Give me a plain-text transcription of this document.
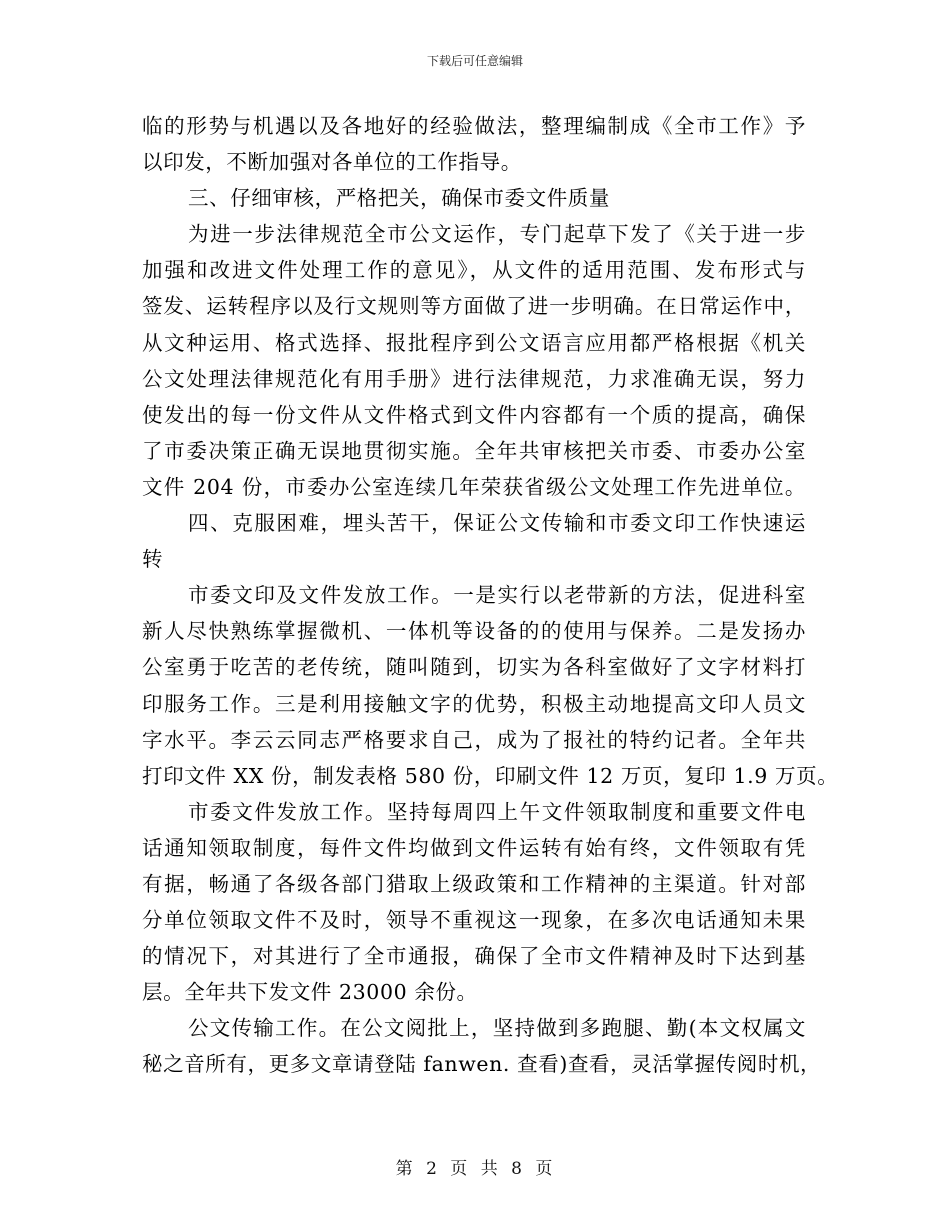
下载后可任意编辑
临的形势与机遇以及各地好的经验做法，整理编制成《全市工作》予
以印发，不断加强对各单位的工作指导。
三、仔细审核，严格把关，确保市委文件质量
为进一步法律规范全市公文运作，专门起草下发了《关于进一步
加强和改进文件处理工作的意见》，从文件的适用范围、发布形式与
签发、运转程序以及行文规则等方面做了进一步明确。在日常运作中，
从文种运用、格式选择、报批程序到公文语言应用都严格根据《机关
公文处理法律规范化有用手册》进行法律规范，力求准确无误，努力
使发出的每一份文件从文件格式到文件内容都有一个质的提高，确保
了市委决策正确无误地贯彻实施。全年共审核把关市委、市委办公室
文件 204 份，市委办公室连续几年荣获省级公文处理工作先进单位。
四、克服困难，埋头苦干，保证公文传输和市委文印工作快速运
转
市委文印及文件发放工作。一是实行以老带新的方法，促进科室
新人尽快熟练掌握微机、一体机等设备的的使用与保养。二是发扬办
公室勇于吃苦的老传统，随叫随到，切实为各科室做好了文字材料打
印服务工作。三是利用接触文字的优势，积极主动地提高文印人员文
字水平。李云云同志严格要求自己，成为了报社的特约记者。全年共
打印文件 XX 份，制发表格 580 份，印刷文件 12 万页，复印 1.9 万页。
市委文件发放工作。坚持每周四上午文件领取制度和重要文件电
话通知领取制度，每件文件均做到文件运转有始有终，文件领取有凭
有据，畅通了各级各部门猎取上级政策和工作精神的主渠道。针对部
分单位领取文件不及时，领导不重视这一现象，在多次电话通知未果
的情况下，对其进行了全市通报，确保了全市文件精神及时下达到基
层。全年共下发文件 23000 余份。
公文传输工作。在公文阅批上，坚持做到多跑腿、勤(本文权属文
秘之音所有，更多文章请登陆 fanwen. 查看)查看，灵活掌握传阅时机，
第 2 页 共 8 页
